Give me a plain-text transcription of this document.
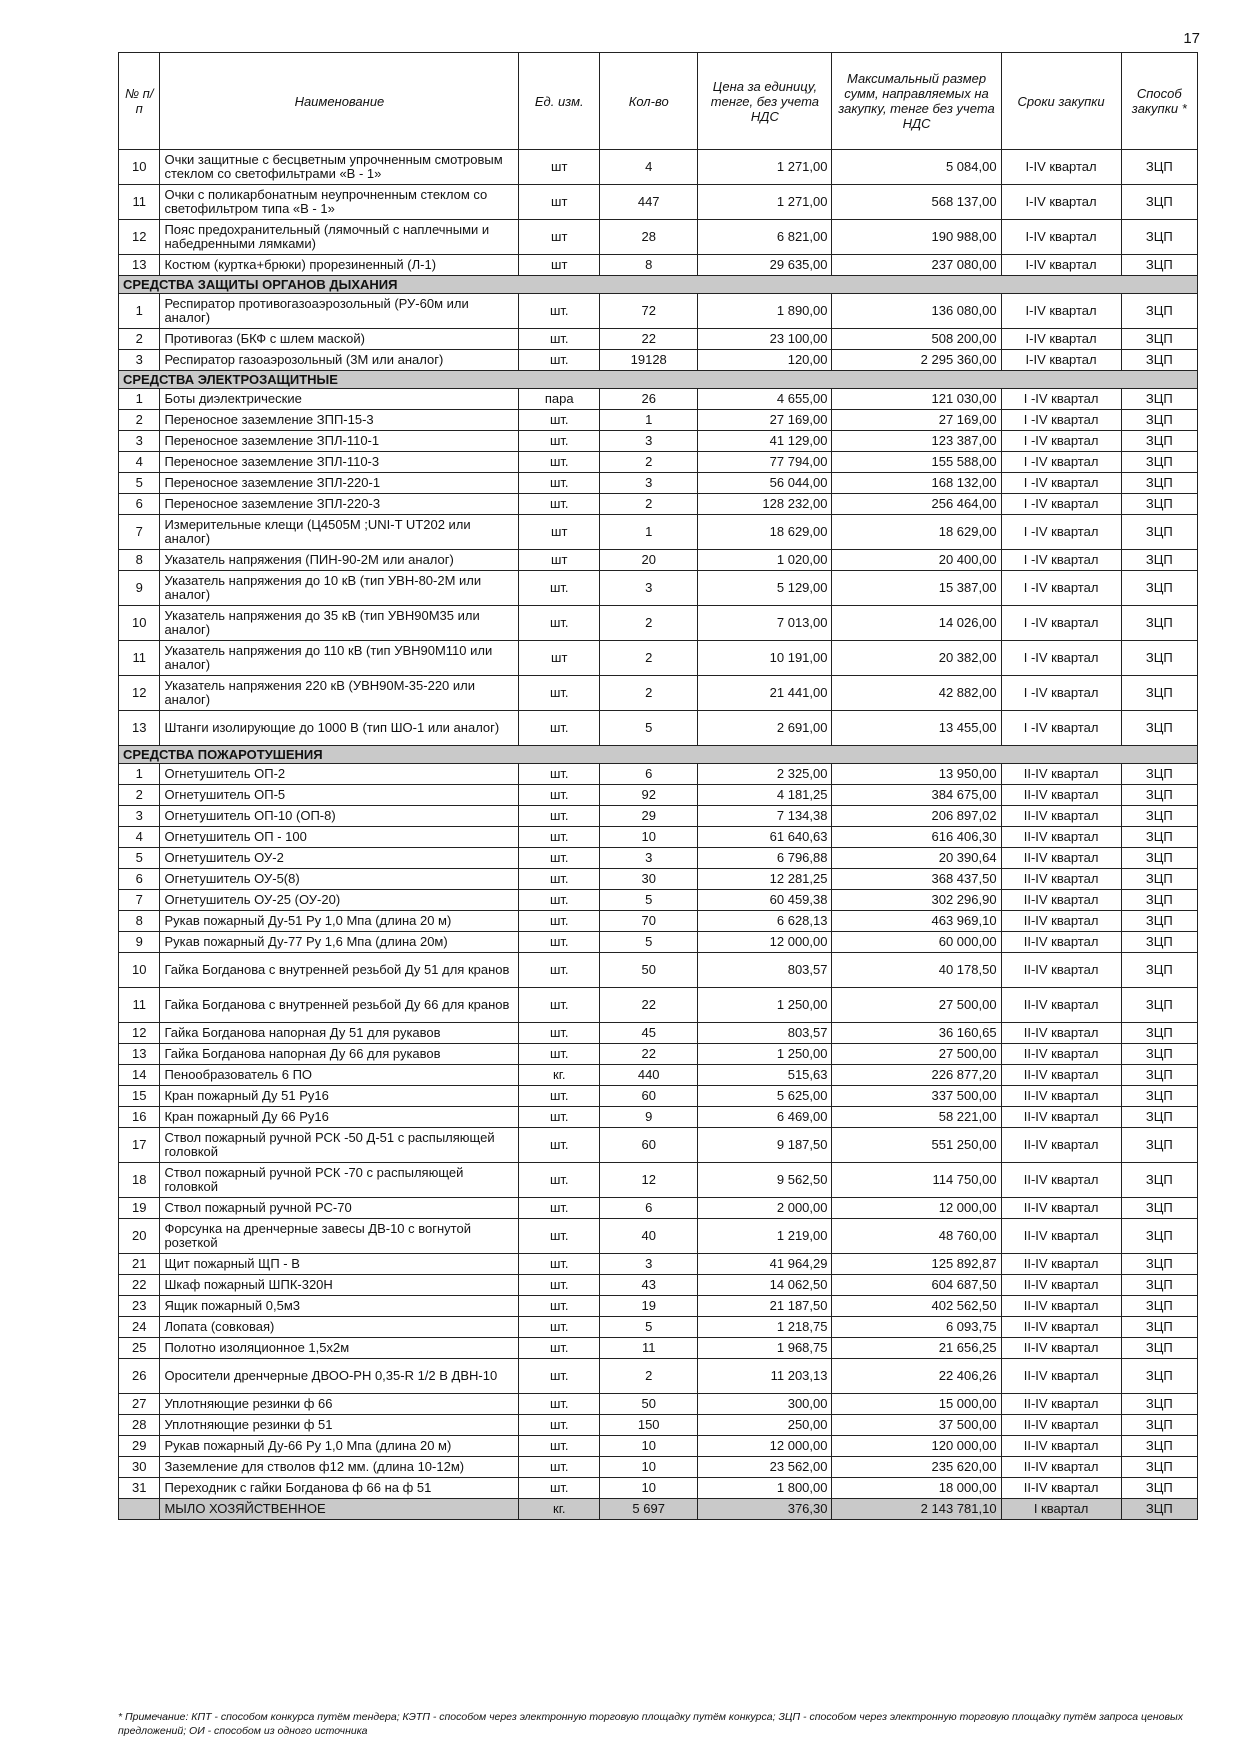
17
№ п/п	Наименование	Ед. изм.	Кол-во	Цена за единицу, тенге, без учета НДС	Максимальный размер сумм, направляемых на закупку, тенге без учета НДС	Сроки закупки	Способ закупки *
10	Очки защитные с бесцветным упрочненным смотровым стеклом со светофильтрами «В - 1»	шт	4	1 271,00	5 084,00	I-IV квартал	ЗЦП
11	Очки с поликарбонатным неупрочненным стеклом со светофильтром типа «В - 1»	шт	447	1 271,00	568 137,00	I-IV квартал	ЗЦП
12	Пояс предохранительный (лямочный с наплечными и набедренными лямками)	шт	28	6 821,00	190 988,00	I-IV квартал	ЗЦП
13	Костюм (куртка+брюки) прорезиненный (Л-1)	шт	8	29 635,00	237 080,00	I-IV квартал	ЗЦП
СРЕДСТВА ЗАЩИТЫ ОРГАНОВ ДЫХАНИЯ							
1	Респиратор противогазоаэрозольный (РУ-60м или аналог)	шт.	72	1 890,00	136 080,00	I-IV квартал	ЗЦП
2	Противогаз (БКФ с шлем маской)	шт.	22	23 100,00	508 200,00	I-IV квартал	ЗЦП
3	Респиратор газоаэрозольный (3М или аналог)	шт.	19128	120,00	2 295 360,00	I-IV квартал	ЗЦП
СРЕДСТВА ЭЛЕКТРОЗАЩИТНЫЕ							
1	Боты диэлектрические	пара	26	4 655,00	121 030,00	I -IV квартал	ЗЦП
2	Переносное заземление ЗПП-15-3	шт.	1	27 169,00	27 169,00	I -IV квартал	ЗЦП
3	Переносное заземление ЗПЛ-110-1	шт.	3	41 129,00	123 387,00	I -IV квартал	ЗЦП
4	Переносное заземление ЗПЛ-110-3	шт.	2	77 794,00	155 588,00	I -IV квартал	ЗЦП
5	Переносное заземление ЗПЛ-220-1	шт.	3	56 044,00	168 132,00	I -IV квартал	ЗЦП
6	Переносное заземление ЗПЛ-220-3	шт.	2	128 232,00	256 464,00	I -IV квартал	ЗЦП
7	Измерительные клещи (Ц4505М ;UNI-T UT202 или аналог)	шт	1	18 629,00	18 629,00	I -IV квартал	ЗЦП
8	Указатель напряжения (ПИН-90-2М или аналог)	шт	20	1 020,00	20 400,00	I -IV квартал	ЗЦП
9	Указатель напряжения до 10 кВ (тип УВН-80-2М или аналог)	шт.	3	5 129,00	15 387,00	I -IV квартал	ЗЦП
10	Указатель напряжения до 35 кВ (тип УВН90М35 или аналог)	шт.	2	7 013,00	14 026,00	I -IV квартал	ЗЦП
11	Указатель напряжения до 110 кВ (тип УВН90М110 или аналог)	шт	2	10 191,00	20 382,00	I -IV квартал	ЗЦП
12	Указатель напряжения 220 кВ (УВН90М-35-220 или аналог)	шт.	2	21 441,00	42 882,00	I -IV квартал	ЗЦП
13	Штанги изолирующие до 1000 В (тип ШО-1 или аналог)	шт.	5	2 691,00	13 455,00	I -IV квартал	ЗЦП
СРЕДСТВА ПОЖАРОТУШЕНИЯ							
1	Огнетушитель ОП-2	шт.	6	2 325,00	13 950,00	II-IV квартал	ЗЦП
2	Огнетушитель ОП-5	шт.	92	4 181,25	384 675,00	II-IV квартал	ЗЦП
3	Огнетушитель ОП-10 (ОП-8)	шт.	29	7 134,38	206 897,02	II-IV квартал	ЗЦП
4	Огнетушитель ОП - 100	шт.	10	61 640,63	616 406,30	II-IV квартал	ЗЦП
5	Огнетушитель ОУ-2	шт.	3	6 796,88	20 390,64	II-IV квартал	ЗЦП
6	Огнетушитель ОУ-5(8)	шт.	30	12 281,25	368 437,50	II-IV квартал	ЗЦП
7	Огнетушитель ОУ-25 (ОУ-20)	шт.	5	60 459,38	302 296,90	II-IV квартал	ЗЦП
8	Рукав пожарный Ду-51 Ру 1,0 Мпа (длина 20 м)	шт.	70	6 628,13	463 969,10	II-IV квартал	ЗЦП
9	Рукав пожарный Ду-77 Ру 1,6 Мпа (длина 20м)	шт.	5	12 000,00	60 000,00	II-IV квартал	ЗЦП
10	Гайка Богданова с внутренней резьбой Ду 51 для кранов	шт.	50	803,57	40 178,50	II-IV квартал	ЗЦП
11	Гайка Богданова с внутренней резьбой Ду 66 для кранов	шт.	22	1 250,00	27 500,00	II-IV квартал	ЗЦП
12	Гайка Богданова напорная Ду 51 для рукавов	шт.	45	803,57	36 160,65	II-IV квартал	ЗЦП
13	Гайка Богданова напорная Ду 66 для рукавов	шт.	22	1 250,00	27 500,00	II-IV квартал	ЗЦП
14	Пенообразователь 6 ПО	кг.	440	515,63	226 877,20	II-IV квартал	ЗЦП
15	Кран пожарный Ду 51 Ру16	шт.	60	5 625,00	337 500,00	II-IV квартал	ЗЦП
16	Кран пожарный Ду 66 Ру16	шт.	9	6 469,00	58 221,00	II-IV квартал	ЗЦП
17	Ствол пожарный ручной РСК -50 Д-51 с распыляющей головкой	шт.	60	9 187,50	551 250,00	II-IV квартал	ЗЦП
18	Ствол пожарный ручной РСК -70 с распыляющей головкой	шт.	12	9 562,50	114 750,00	II-IV квартал	ЗЦП
19	Ствол пожарный ручной РС-70	шт.	6	2 000,00	12 000,00	II-IV квартал	ЗЦП
20	Форсунка на дренчерные завесы ДВ-10 с вогнутой розеткой	шт.	40	1 219,00	48 760,00	II-IV квартал	ЗЦП
21	Щит пожарный ЩП - В	шт.	3	41 964,29	125 892,87	II-IV квартал	ЗЦП
22	Шкаф пожарный ШПК-320Н	шт.	43	14 062,50	604 687,50	II-IV квартал	ЗЦП
23	Ящик пожарный 0,5м3	шт.	19	21 187,50	402 562,50	II-IV квартал	ЗЦП
24	Лопата (совковая)	шт.	5	1 218,75	6 093,75	II-IV квартал	ЗЦП
25	Полотно изоляционное 1,5х2м	шт.	11	1 968,75	21 656,25	II-IV квартал	ЗЦП
26	Оросители дренчерные ДВОО-РН 0,35-R 1/2 В ДВН-10	шт.	2	11 203,13	22 406,26	II-IV квартал	ЗЦП
27	Уплотняющие резинки ф 66	шт.	50	300,00	15 000,00	II-IV квартал	ЗЦП
28	Уплотняющие резинки ф 51	шт.	150	250,00	37 500,00	II-IV квартал	ЗЦП
29	Рукав пожарный Ду-66 Ру 1,0 Мпа (длина 20 м)	шт.	10	12 000,00	120 000,00	II-IV квартал	ЗЦП
30	Заземление для стволов ф12 мм. (длина 10-12м)	шт.	10	23 562,00	235 620,00	II-IV квартал	ЗЦП
31	Переходник с гайки Богданова ф 66 на ф 51	шт.	10	1 800,00	18 000,00	II-IV квартал	ЗЦП
	МЫЛО ХОЗЯЙСТВЕННОЕ	кг.	5 697	376,30	2 143 781,10	I квартал	ЗЦП
* Примечание: КПТ - способом конкурса путём тендера; КЭТП - способом через электронную торговую площадку путём конкурса; ЗЦП - способом через электронную торговую площадку путём запроса ценовых предложений; ОИ - способом из одного источника
